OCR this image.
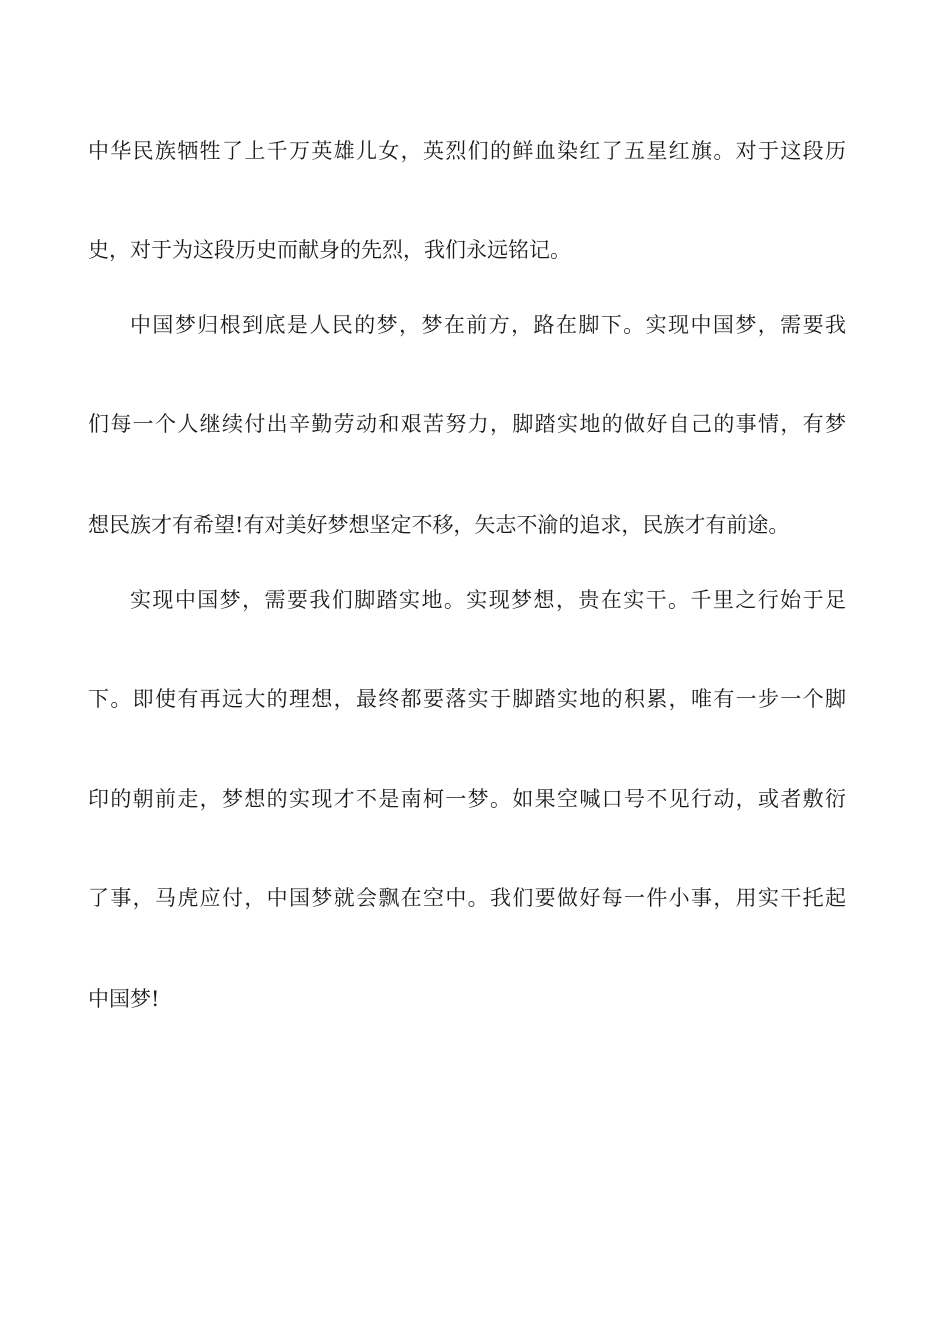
中华民族牺牲了上千万英雄儿女，英烈们的鲜血染红了五星红旗。对于这段历
史，对于为这段历史而献身的先烈，我们永远铭记。
中国梦归根到底是人民的梦，梦在前方，路在脚下。实现中国梦，需要我
们每一个人继续付出辛勤劳动和艰苦努力，脚踏实地的做好自己的事情，有梦
想民族才有希望!有对美好梦想坚定不移，矢志不渝的追求，民族才有前途。
实现中国梦，需要我们脚踏实地。实现梦想，贵在实干。千里之行始于足
下。即使有再远大的理想，最终都要落实于脚踏实地的积累，唯有一步一个脚
印的朝前走，梦想的实现才不是南柯一梦。如果空喊口号不见行动，或者敷衍
了事，马虎应付，中国梦就会飘在空中。我们要做好每一件小事，用实干托起
中国梦!
